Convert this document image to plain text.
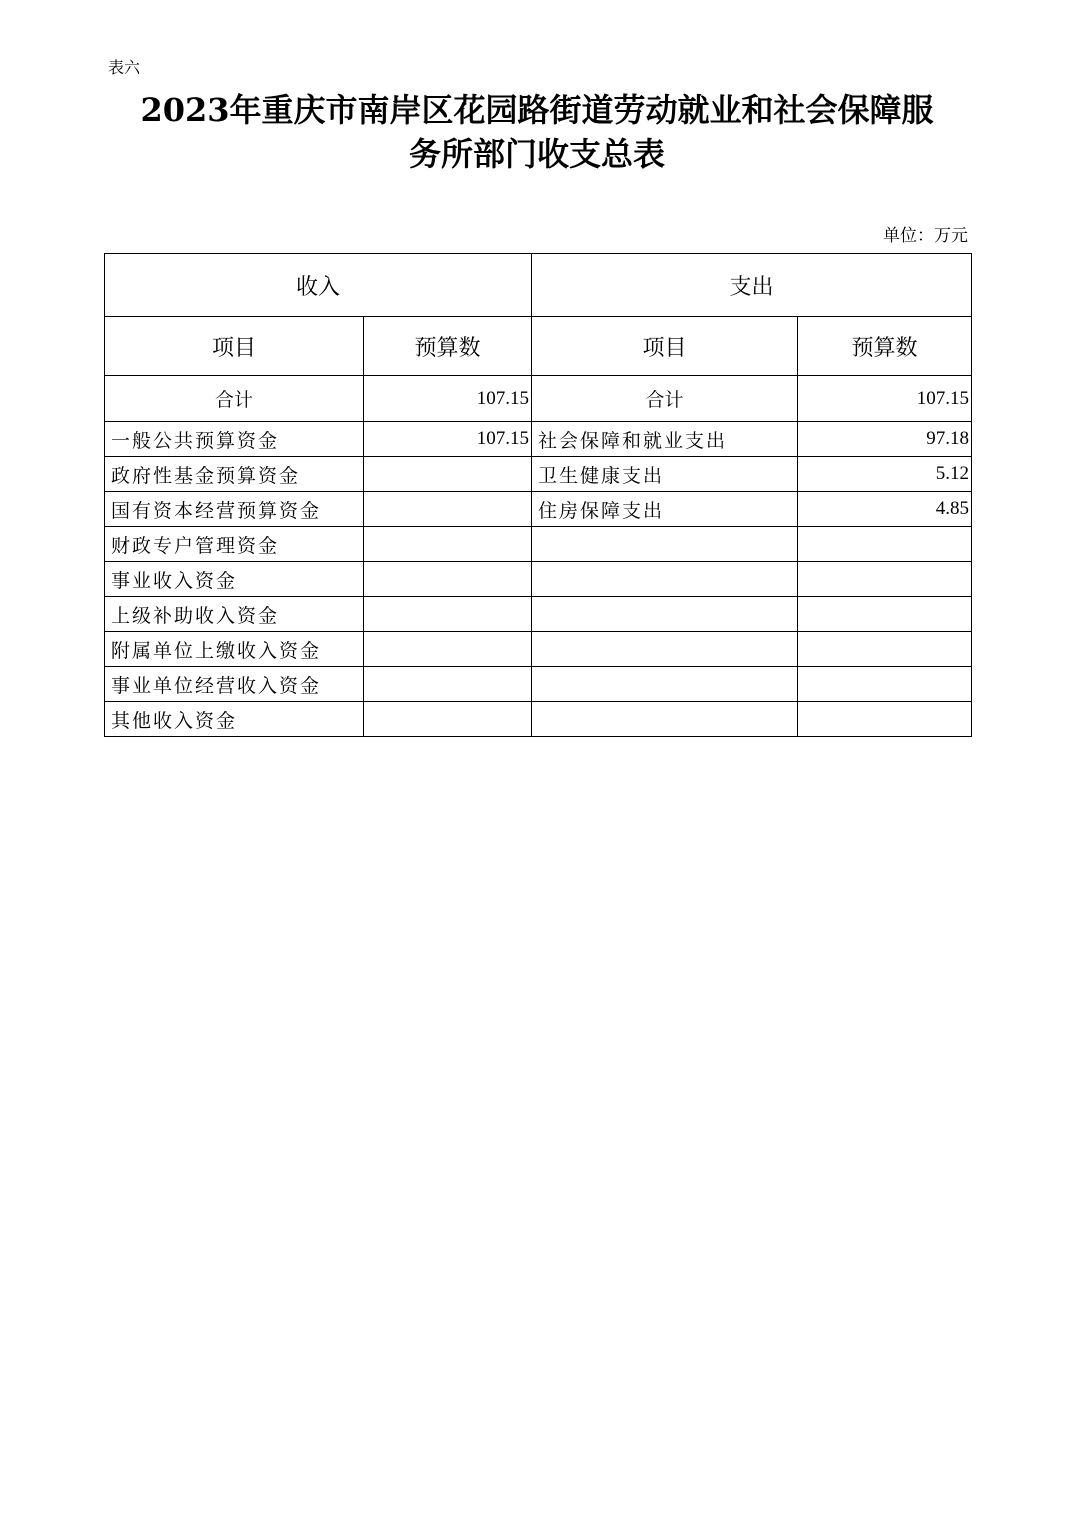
表六
2023年重庆市南岸区花园路街道劳动就业和社会保障服
务所部门收支总表
单位：万元
收入		支出	
项目	预算数	项目	预算数
合计	107.15	合计	107.15
一般公共预算资金	107.15	社会保障和就业支出	97.18
政府性基金预算资金		卫生健康支出	5.12
国有资本经营预算资金		住房保障支出	4.85
财政专户管理资金			
事业收入资金			
上级补助收入资金			
附属单位上缴收入资金			
事业单位经营收入资金			
其他收入资金			
